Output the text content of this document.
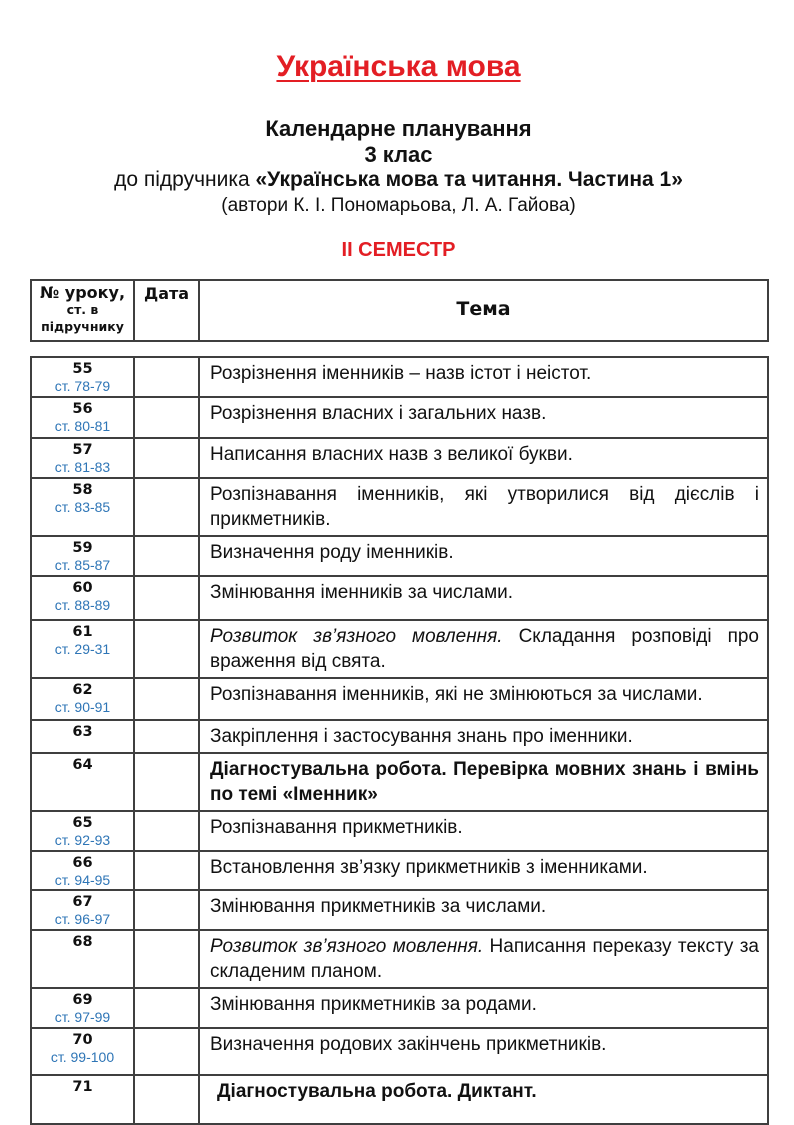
Українська мова
Календарне планування
3 клас
до підручника «Українська мова та читання. Частина 1»
(автори К. І. Пономарьова, Л. А. Гайова)
ІІ СЕМЕСТР
№ уроку,
ст. в
підручнику
	Дата	Тема
55
ст. 78-79		Розрізнення іменників – назв істот і неістот.

56
ст. 80-81		Розрізнення власних і загальних назв.

57
ст. 81-83		Написання власних назв з великої букви.

58
ст. 83-85		Розпізнавання іменників, які утворилися від дієслів і прикметників.

59
ст. 85-87		Визначення роду іменників.

60
ст. 88-89		Змінювання іменників за числами.

61
ст. 29-31		Розвиток зв’язного мовлення. Складання розповіді про враження від свята.

62
ст. 90-91		Розпізнавання іменників, які не змінюються за числами.

63		Закріплення і застосування знань про іменники.

64		Діагностувальна робота. Перевірка мовних знань і вмінь по темі «Іменник»

65
ст. 92-93		Розпізнавання прикметників.

66
ст. 94-95		Встановлення зв’язку прикметників з іменниками.

67
ст. 96-97		Змінювання прикметників за числами.

68		Розвиток зв’язного мовлення. Написання переказу тексту за складеним планом.

69
ст. 97-99		Змінювання прикметників за родами.

70
ст. 99-100		Визначення родових закінчень прикметників.

71		Діагностувальна робота. Диктант.
